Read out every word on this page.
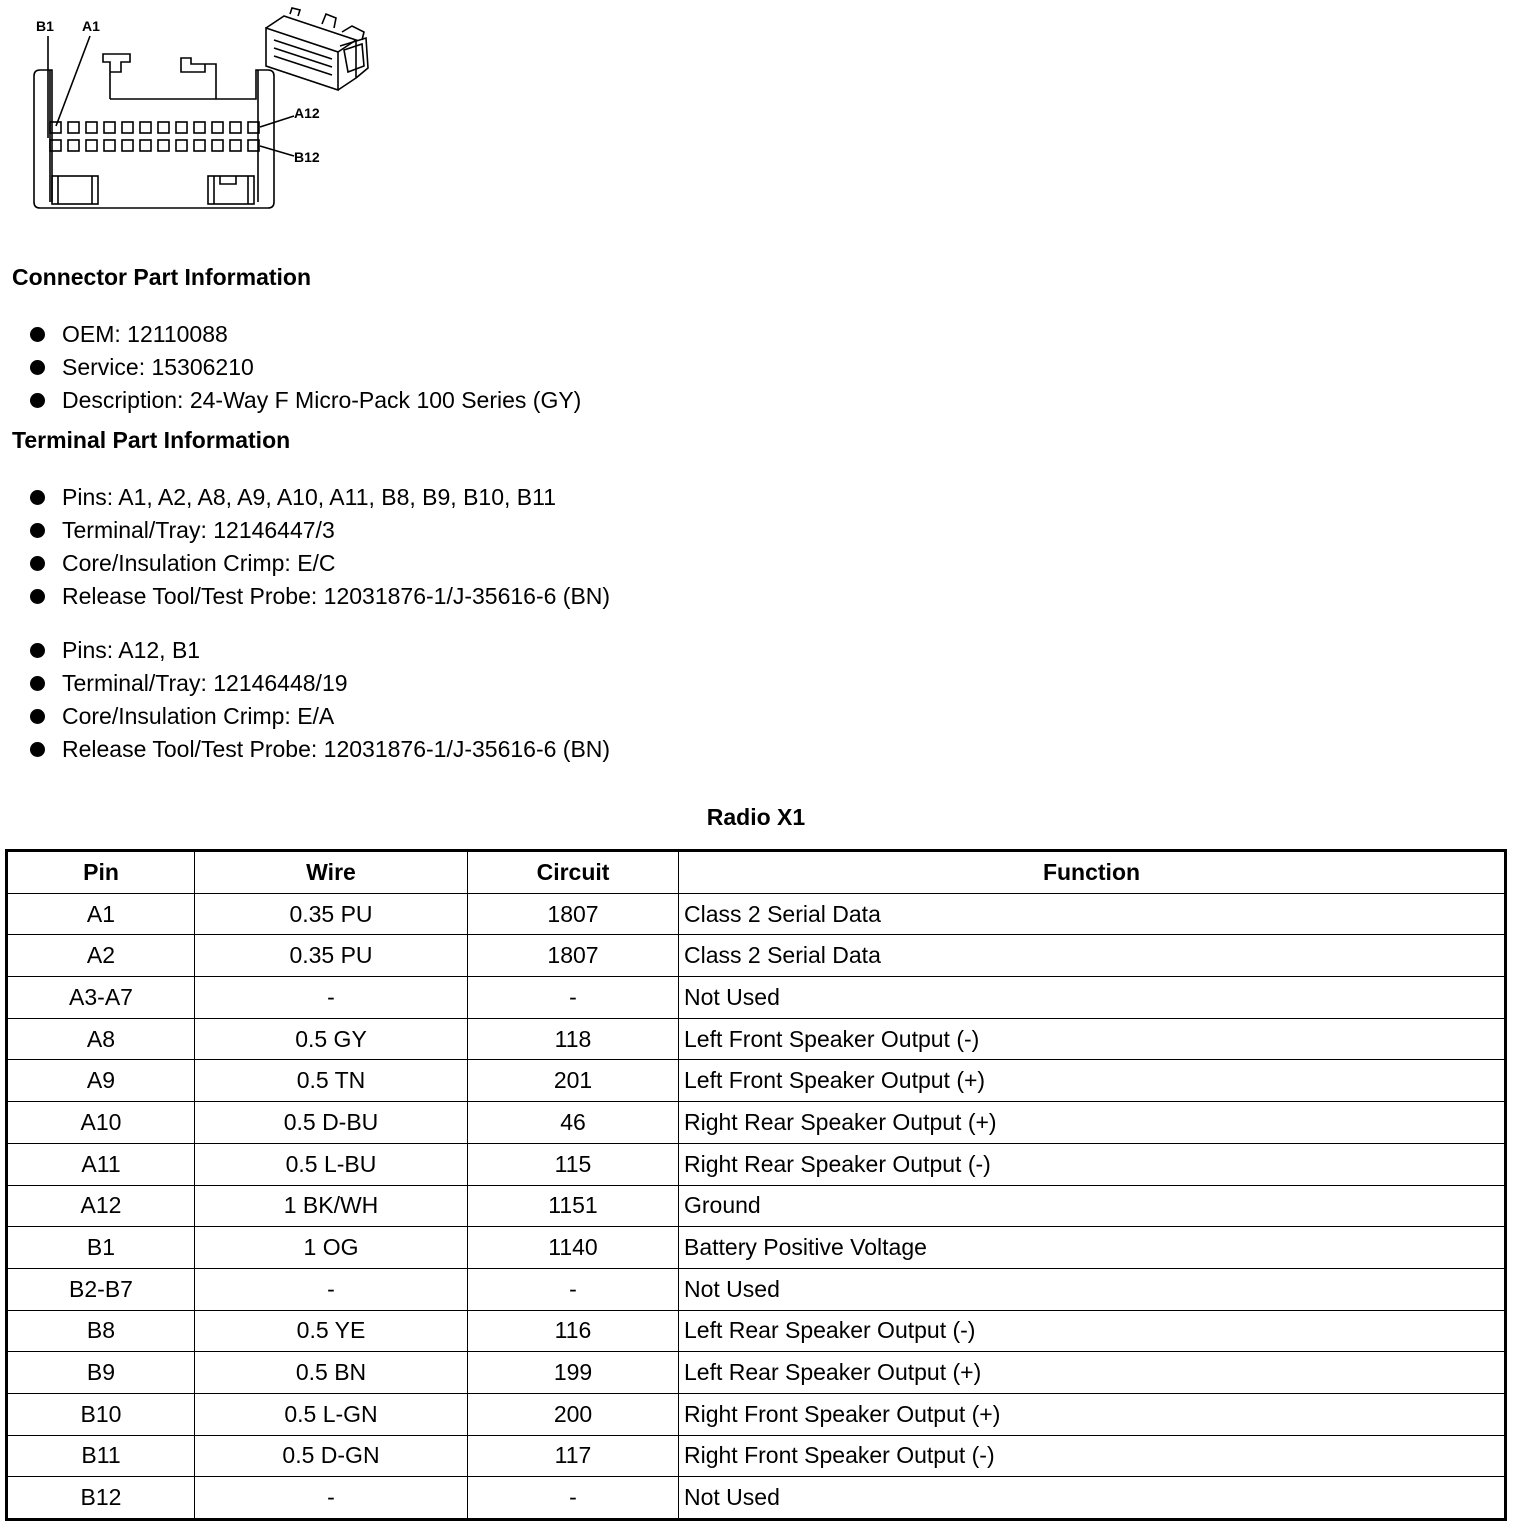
B1 A1
A12
B12
Connector Part Information
OEM: 12110088
Service: 15306210
Description: 24-Way F Micro-Pack 100 Series (GY)
Terminal Part Information
Pins: A1, A2, A8, A9, A10, A11, B8, B9, B10, B11
Terminal/Tray: 12146447/3
Core/Insulation Crimp: E/C
Release Tool/Test Probe: 12031876-1/J-35616-6 (BN)
Pins: A12, B1
Terminal/Tray: 12146448/19
Core/Insulation Crimp: E/A
Release Tool/Test Probe: 12031876-1/J-35616-6 (BN)
Radio X1
Pin	Wire	Circuit	Function
A1	0.35 PU	1807	Class 2 Serial Data
A2	0.35 PU	1807	Class 2 Serial Data
A3-A7	-	-	Not Used
A8	0.5 GY	118	Left Front Speaker Output (-)
A9	0.5 TN	201	Left Front Speaker Output (+)
A10	0.5 D-BU	46	Right Rear Speaker Output (+)
A11	0.5 L-BU	115	Right Rear Speaker Output (-)
A12	1 BK/WH	1151	Ground
B1	1 OG	1140	Battery Positive Voltage
B2-B7	-	-	Not Used
B8	0.5 YE	116	Left Rear Speaker Output (-)
B9	0.5 BN	199	Left Rear Speaker Output (+)
B10	0.5 L-GN	200	Right Front Speaker Output (+)
B11	0.5 D-GN	117	Right Front Speaker Output (-)
B12	-	-	Not Used
